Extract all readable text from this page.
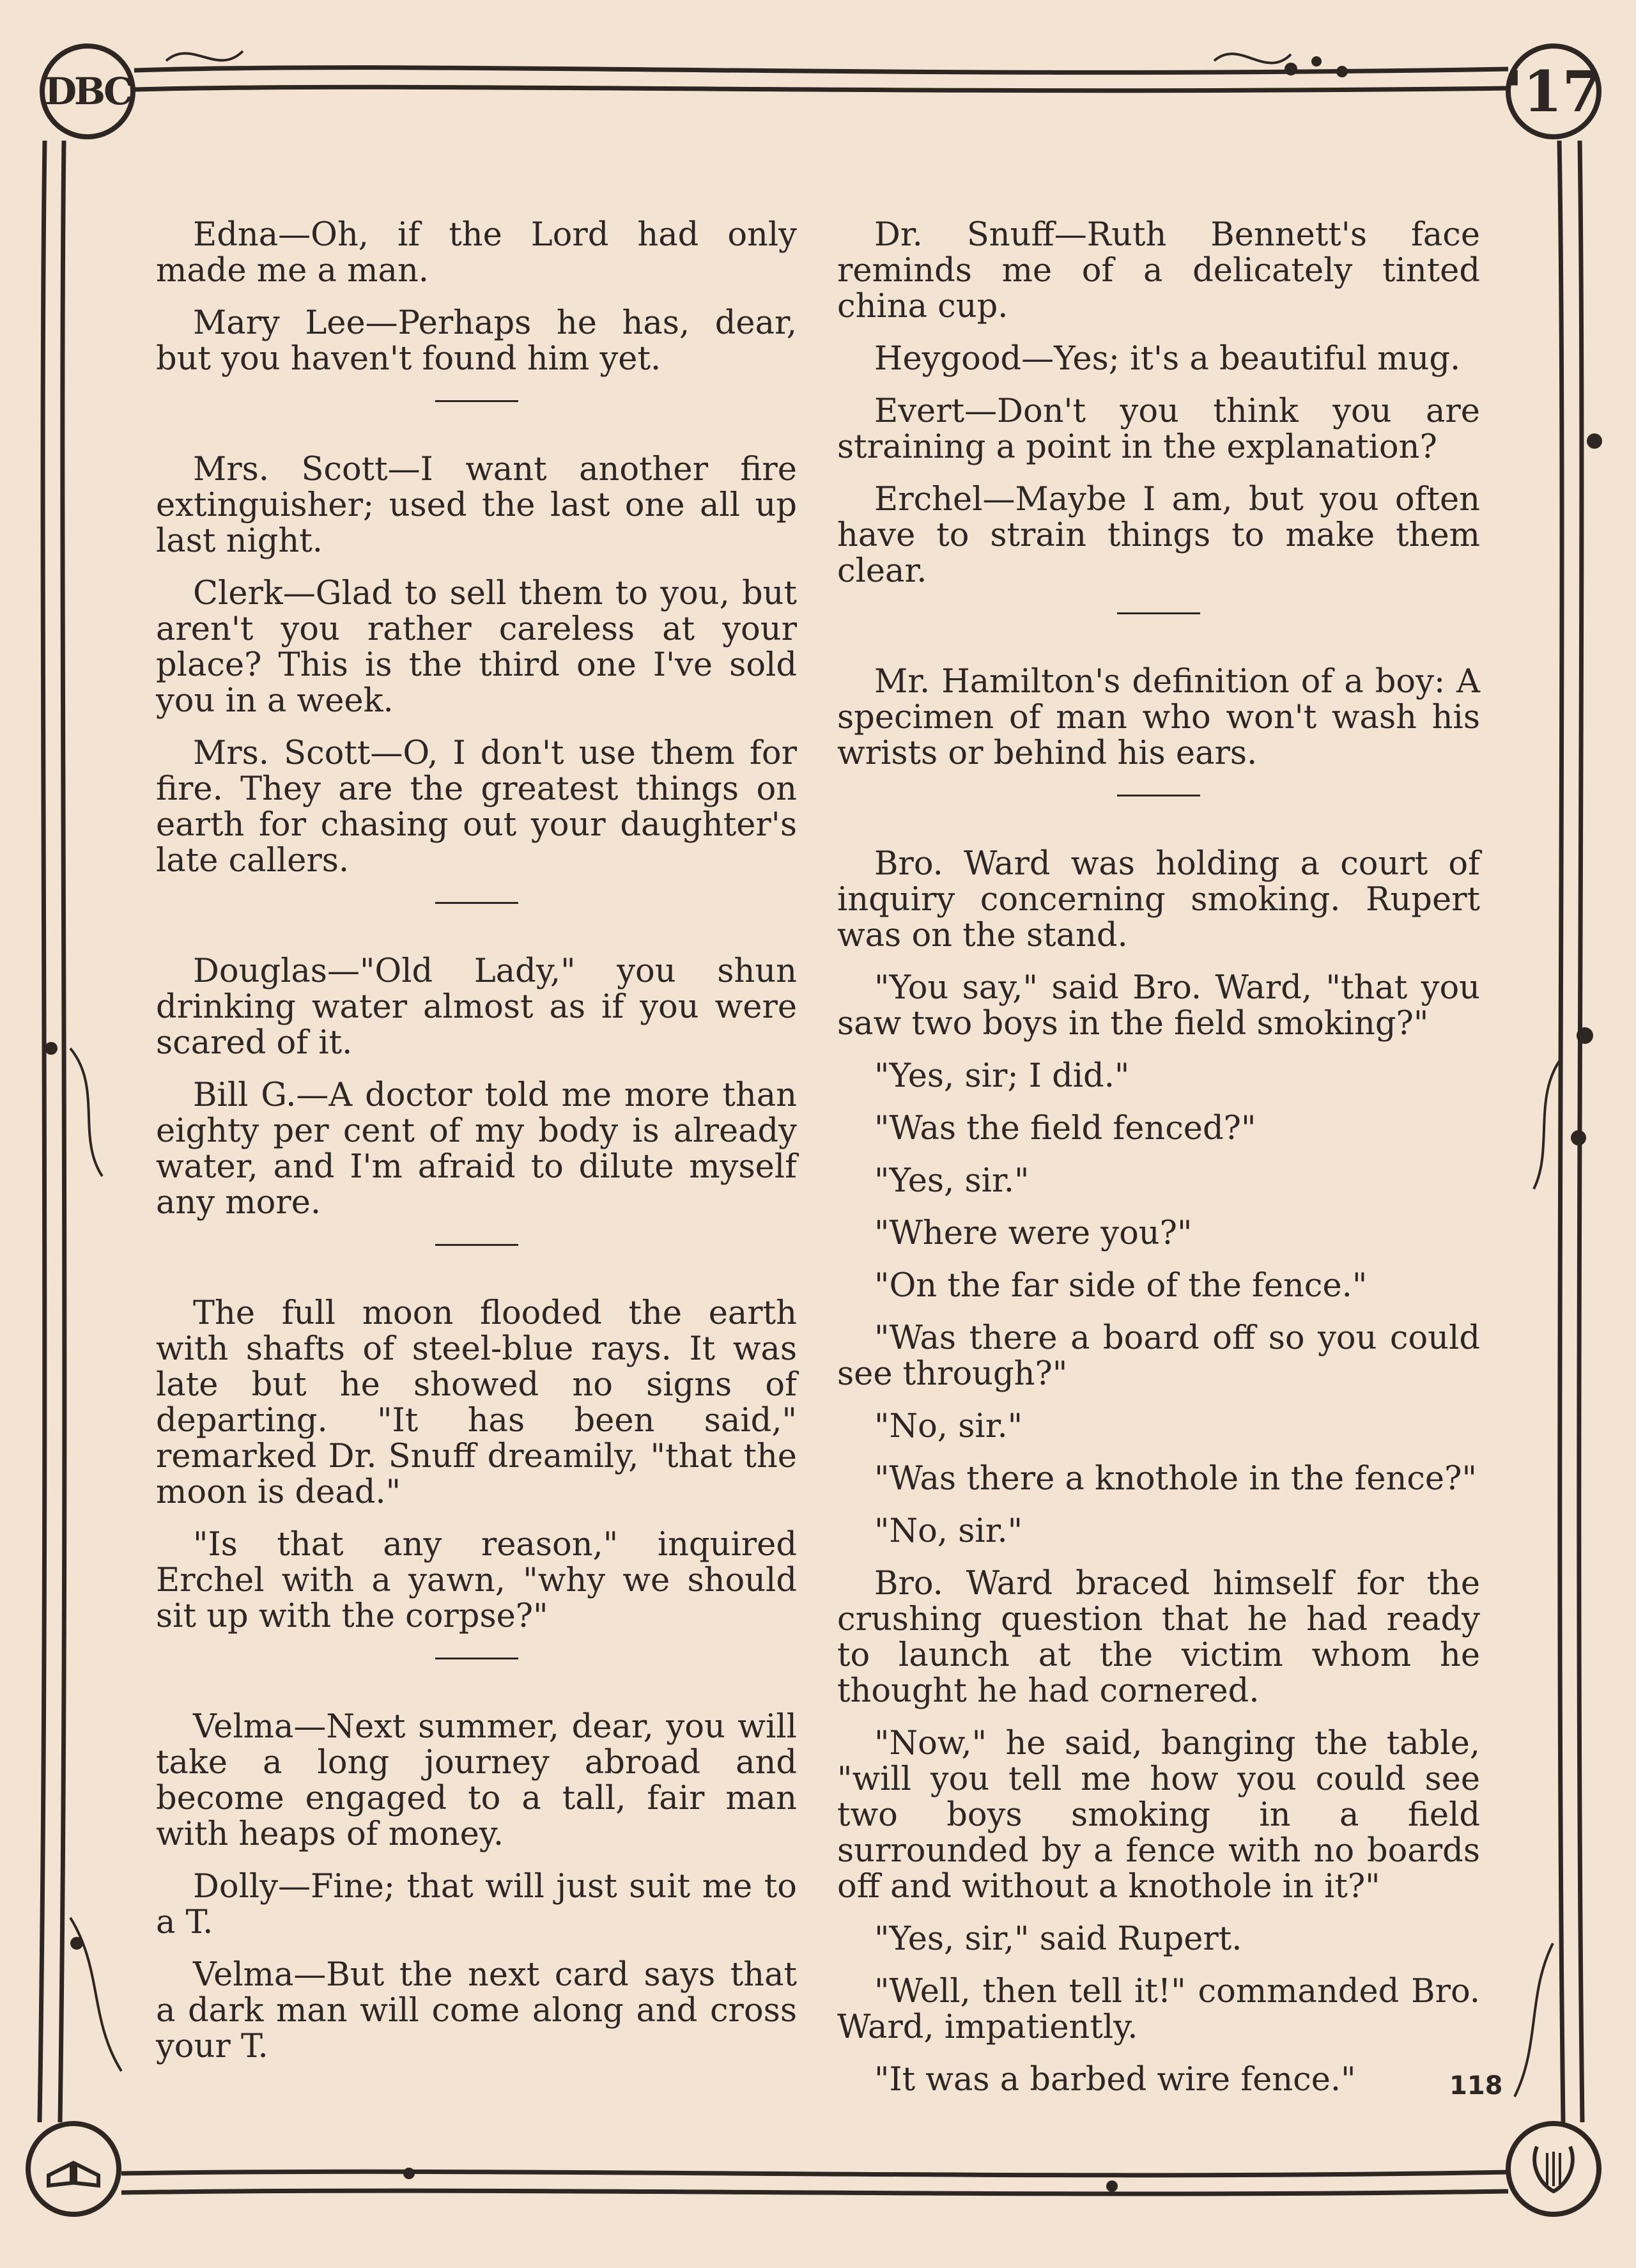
DBC	'17

Edna—Oh, if the Lord had only made me a man.

Mary Lee—Perhaps he has, dear, but you haven't found him yet.

Mrs. Scott—I want another fire extinguisher; used the last one all up last night.

Clerk—Glad to sell them to you, but aren't you rather careless at your place? This is the third one I've sold you in a week.

Mrs. Scott—O, I don't use them for fire. They are the greatest things on earth for chasing out your daughter's late callers.

Douglas—"Old Lady," you shun drinking water almost as if you were scared of it.

Bill G.—A doctor told me more than eighty per cent of my body is already water, and I'm afraid to dilute myself any more.

The full moon flooded the earth with shafts of steel-blue rays. It was late but he showed no signs of departing. "It has been said," remarked Dr. Snuff dreamily, "that the moon is dead."

"Is that any reason," inquired Erchel with a yawn, "why we should sit up with the corpse?"

Velma—Next summer, dear, you will take a long journey abroad and become engaged to a tall, fair man with heaps of money.

Dolly—Fine; that will just suit me to a T.

Velma—But the next card says that a dark man will come along and cross your T.

Dr. Snuff—Ruth Bennett's face reminds me of a delicately tinted china cup.

Heygood—Yes; it's a beautiful mug.

Evert—Don't you think you are straining a point in the explanation?

Erchel—Maybe I am, but you often have to strain things to make them clear.

Mr. Hamilton's definition of a boy: A specimen of man who won't wash his wrists or behind his ears.

Bro. Ward was holding a court of inquiry concerning smoking. Rupert was on the stand.

"You say," said Bro. Ward, "that you saw two boys in the field smoking?"

"Yes, sir; I did."

"Was the field fenced?"

"Yes, sir."

"Where were you?"

"On the far side of the fence."

"Was there a board off so you could see through?"

"No, sir."

"Was there a knothole in the fence?"

"No, sir."

Bro. Ward braced himself for the crushing question that he had ready to launch at the victim whom he thought he had cornered.

"Now," he said, banging the table, "will you tell me how you could see two boys smoking in a field surrounded by a fence with no boards off and without a knothole in it?"

"Yes, sir," said Rupert.

"Well, then tell it!" commanded Bro. Ward, impatiently.

"It was a barbed wire fence."	118
